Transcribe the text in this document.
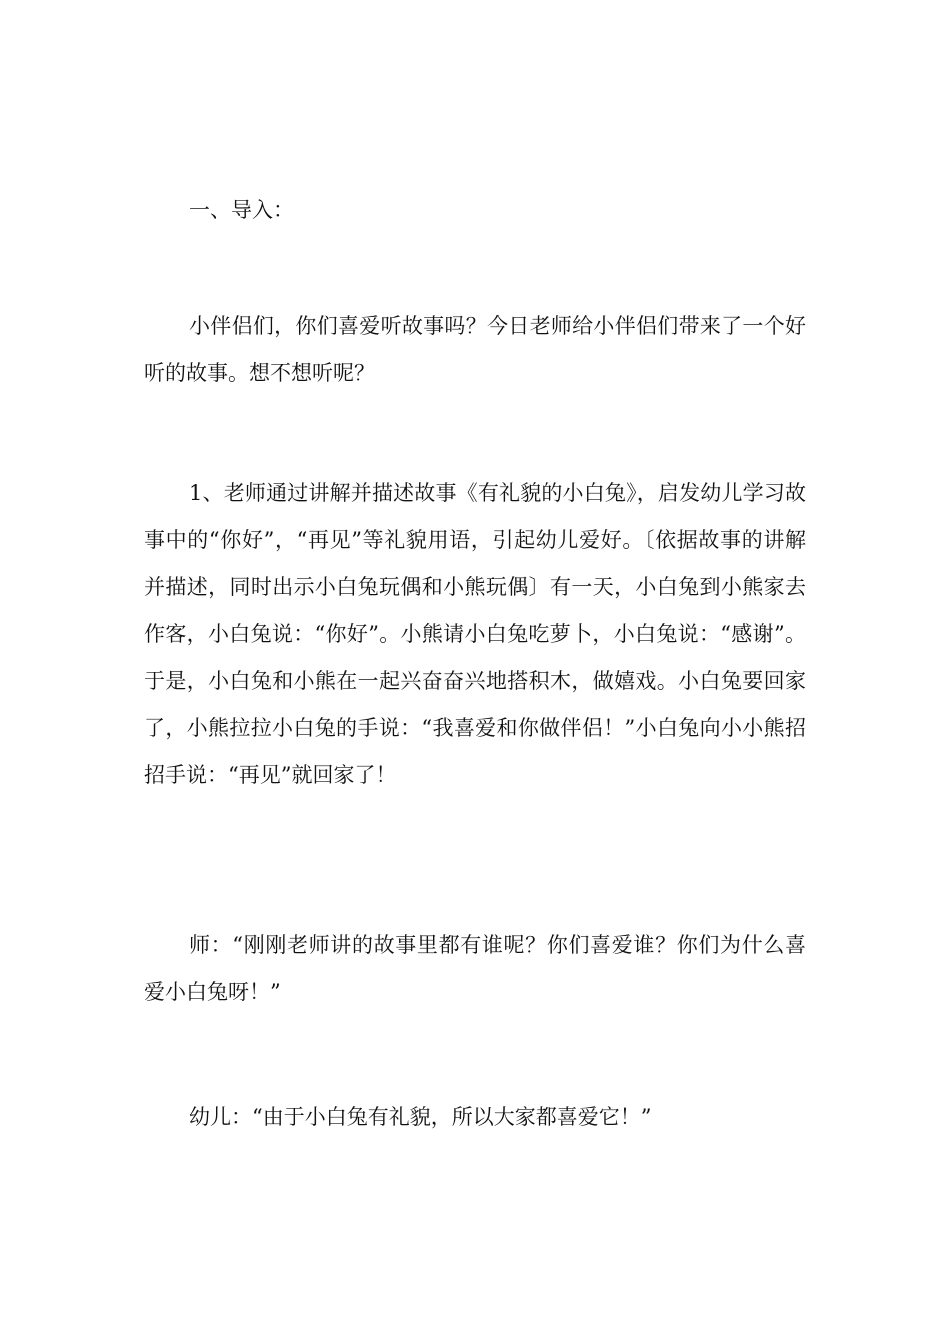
一、导入：

小伴侣们，你们喜爱听故事吗？今日老师给小伴侣们带来了一个好听的故事。想不想听呢？

1、老师通过讲解并描述故事《有礼貌的小白兔》，启发幼儿学习故事中的“你好”，“再见”等礼貌用语，引起幼儿爱好。〔依据故事的讲解并描述，同时出示小白兔玩偶和小熊玩偶〕有一天，小白兔到小熊家去作客，小白兔说：“你好”。小熊请小白兔吃萝卜，小白兔说：“感谢”。于是，小白兔和小熊在一起兴奋奋兴地搭积木，做嬉戏。小白兔要回家了，小熊拉拉小白兔的手说：“我喜爱和你做伴侣！”小白兔向小小熊招招手说：“再见”就回家了！

师：“刚刚老师讲的故事里都有谁呢？你们喜爱谁？你们为什么喜爱小白兔呀！”

幼儿：“由于小白兔有礼貌，所以大家都喜爱它！”
